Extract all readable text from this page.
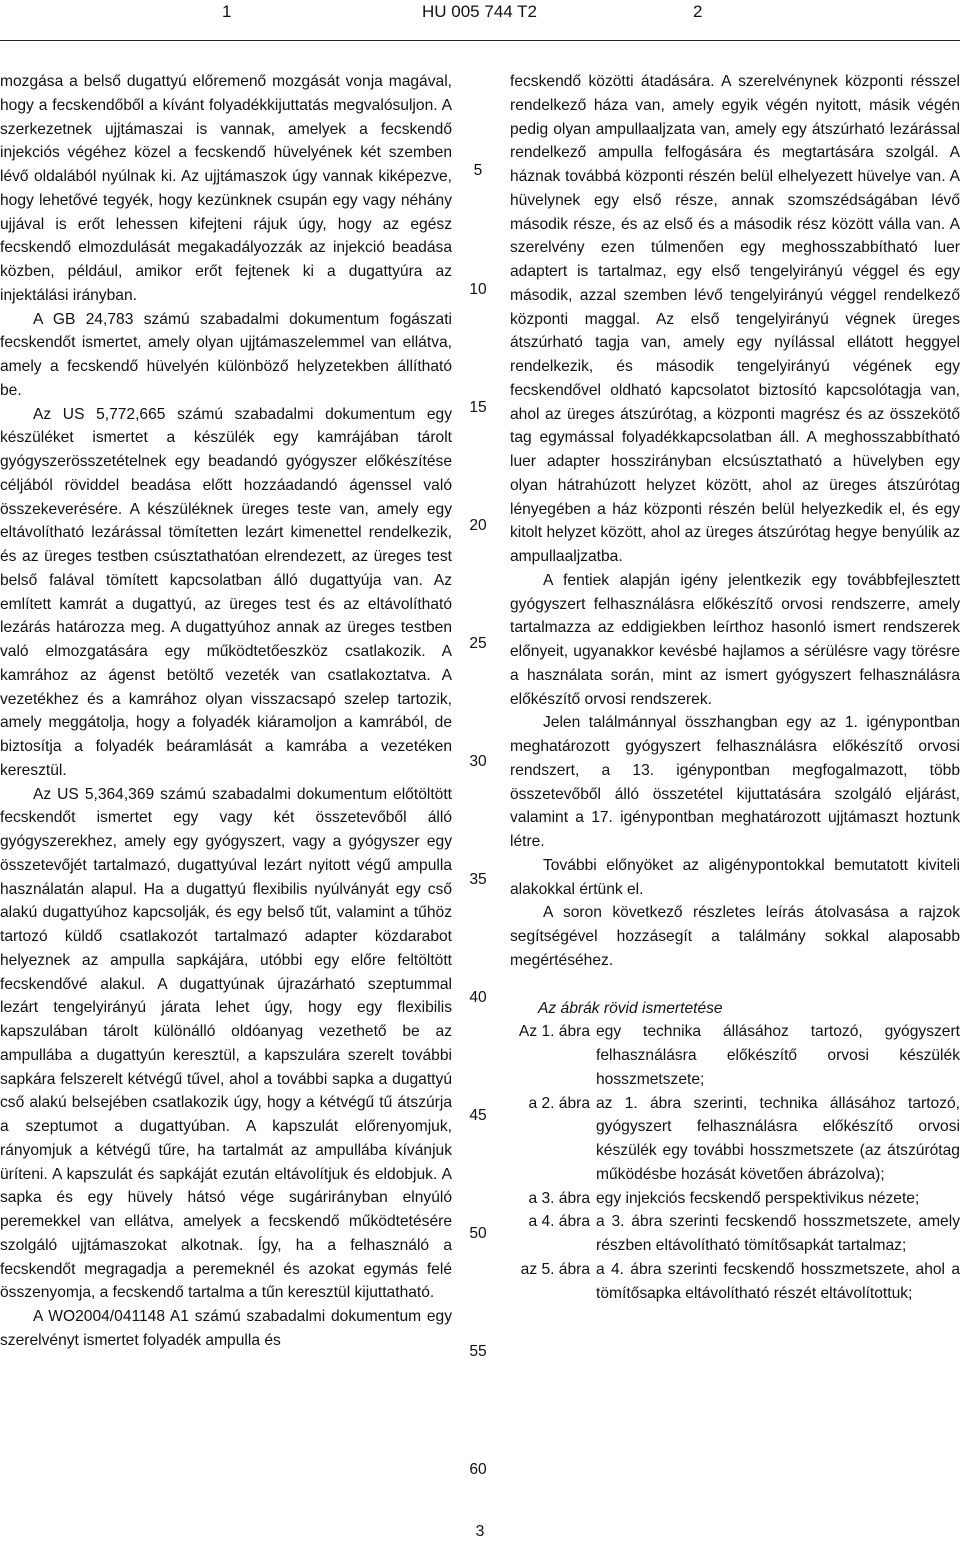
1	HU 005 744 T2	2

mozgása a belső dugattyú előremenő mozgását vonja magával, hogy a fecskendőből a kívánt folyadékkijuttatás megvalósuljon. A szerkezetnek ujjtámaszai is vannak, amelyek a fecskendő injekciós végéhez közel a fecskendő hüvelyének két szemben lévő oldalából nyúlnak ki. Az ujjtámaszok úgy vannak kiképezve, hogy lehetővé tegyék, hogy kezünknek csupán egy vagy néhány ujjával is erőt lehessen kifejteni rájuk úgy, hogy az egész fecskendő elmozdulását megakadályozzák az injekció beadása közben, például, amikor erőt fejtenek ki a dugattyúra az injektálási irányban.

A GB 24,783 számú szabadalmi dokumentum fogászati fecskendőt ismertet, amely olyan ujjtámaszelemmel van ellátva, amely a fecskendő hüvelyén különböző helyzetekben állítható be.

Az US 5,772,665 számú szabadalmi dokumentum egy készüléket ismertet a készülék egy kamrájában tárolt gyógyszerösszetételnek egy beadandó gyógyszer előkészítése céljából röviddel beadása előtt hozzáadandó ágenssel való összekeverésére. A készüléknek üreges teste van, amely egy eltávolítható lezárással tömítetten lezárt kimenettel rendelkezik, és az üreges testben csúsztathatóan elrendezett, az üreges test belső falával tömített kapcsolatban álló dugattyúja van. Az említett kamrát a dugattyú, az üreges test és az eltávolítható lezárás határozza meg. A dugattyúhoz annak az üreges testben való elmozgatására egy működtetőeszköz csatlakozik. A kamrához az ágenst betöltő vezeték van csatlakoztatva. A vezetékhez és a kamrához olyan visszacsapó szelep tartozik, amely meggátolja, hogy a folyadék kiáramoljon a kamrából, de biztosítja a folyadék beáramlását a kamrába a vezetéken keresztül.

Az US 5,364,369 számú szabadalmi dokumentum előtöltött fecskendőt ismertet egy vagy két összetevőből álló gyógyszerekhez, amely egy gyógyszert, vagy a gyógyszer egy összetevőjét tartalmazó, dugattyúval lezárt nyitott végű ampulla használatán alapul. Ha a dugattyú flexibilis nyúlványát egy cső alakú dugattyúhoz kapcsolják, és egy belső tűt, valamint a tűhöz tartozó küldő csatlakozót tartalmazó adapter közdarabot helyeznek az ampulla sapkájára, utóbbi egy előre feltöltött fecskendővé alakul. A dugattyúnak újrazárható szeptummal lezárt tengelyirányú járata lehet úgy, hogy egy flexibilis kapszulában tárolt különálló oldóanyag vezethető be az ampullába a dugattyún keresztül, a kapszulára szerelt további sapkára felszerelt kétvégű tűvel, ahol a további sapka a dugattyú cső alakú belsejében csatlakozik úgy, hogy a kétvégű tű átszúrja a szeptumot a dugattyúban. A kapszulát előrenyomjuk, rányomjuk a kétvégű tűre, ha tartalmát az ampullába kívánjuk üríteni. A kapszulát és sapkáját ezután eltávolítjuk és eldobjuk. A sapka és egy hüvely hátsó vége sugárirányban elnyúló peremekkel van ellátva, amelyek a fecskendő működtetésére szolgáló ujjtámaszokat alkotnak. Így, ha a felhasználó a fecskendőt megragadja a peremeknél és azokat egymás felé összenyomja, a fecskendő tartalma a tűn keresztül kijuttatható.

A WO2004/041148 A1 számú szabadalmi dokumentum egy szerelvényt ismertet folyadék ampulla és

fecskendő közötti átadására. A szerelvénynek központi résszel rendelkező háza van, amely egyik végén nyitott, másik végén pedig olyan ampullaaljzata van, amely egy átszúrható lezárással rendelkező ampulla felfogására és megtartására szolgál. A háznak továbbá központi részén belül elhelyezett hüvelye van. A hüvelynek egy első része, annak szomszédságában lévő második része, és az első és a második rész között válla van. A szerelvény ezen túlmenően egy meghosszabbítható luer adaptert is tartalmaz, egy első tengelyirányú véggel és egy második, azzal szemben lévő tengelyirányú véggel rendelkező központi maggal. Az első tengelyirányú végnek üreges átszúrható tagja van, amely egy nyílással ellátott heggyel rendelkezik, és második tengelyirányú végének egy fecskendővel oldható kapcsolatot biztosító kapcsolótagja van, ahol az üreges átszúrótag, a központi magrész és az összekötő tag egymással folyadékkapcsolatban áll. A meghosszabbítható luer adapter hosszirányban elcsúsztatható a hüvelyben egy olyan hátrahúzott helyzet között, ahol az üreges átszúrótag lényegében a ház központi részén belül helyezkedik el, és egy kitolt helyzet között, ahol az üreges átszúrótag hegye benyúlik az ampullaaljzatba.

A fentiek alapján igény jelentkezik egy továbbfejlesztett gyógyszert felhasználásra előkészítő orvosi rendszerre, amely tartalmazza az eddigiekben leírthoz hasonló ismert rendszerek előnyeit, ugyanakkor kevésbé hajlamos a sérülésre vagy törésre a használata során, mint az ismert gyógyszert felhasználásra előkészítő orvosi rendszerek.

Jelen találmánnyal összhangban egy az 1. igénypontban meghatározott gyógyszert felhasználásra előkészítő orvosi rendszert, a 13. igénypontban megfogalmazott, több összetevőből álló összetétel kijuttatására szolgáló eljárást, valamint a 17. igénypontban meghatározott ujjtámaszt hoztunk létre.

További előnyöket az aligénypontokkal bemutatott kiviteli alakokkal értünk el.

A soron következő részletes leírás átolvasása a rajzok segítségével hozzásegít a találmány sokkal alaposabb megértéséhez.

Az ábrák rövid ismertetése

Az 1. ábra egy technika állásához tartozó, gyógyszert felhasználásra előkészítő orvosi készülék hosszmetszete;
a 2. ábra az 1. ábra szerinti, technika állásához tartozó, gyógyszert felhasználásra előkészítő orvosi készülék egy további hosszmetszete (az átszúrótag működésbe hozását követően ábrázolva);
a 3. ábra egy injekciós fecskendő perspektivikus nézete;
a 4. ábra a 3. ábra szerinti fecskendő hosszmetszete, amely részben eltávolítható tömítősapkát tartalmaz;
az 5. ábra a 4. ábra szerinti fecskendő hosszmetszete, ahol a tömítősapka eltávolítható részét eltávolítottuk;
5
10
15
20
25
30
35
40
45
50
55
60
3
